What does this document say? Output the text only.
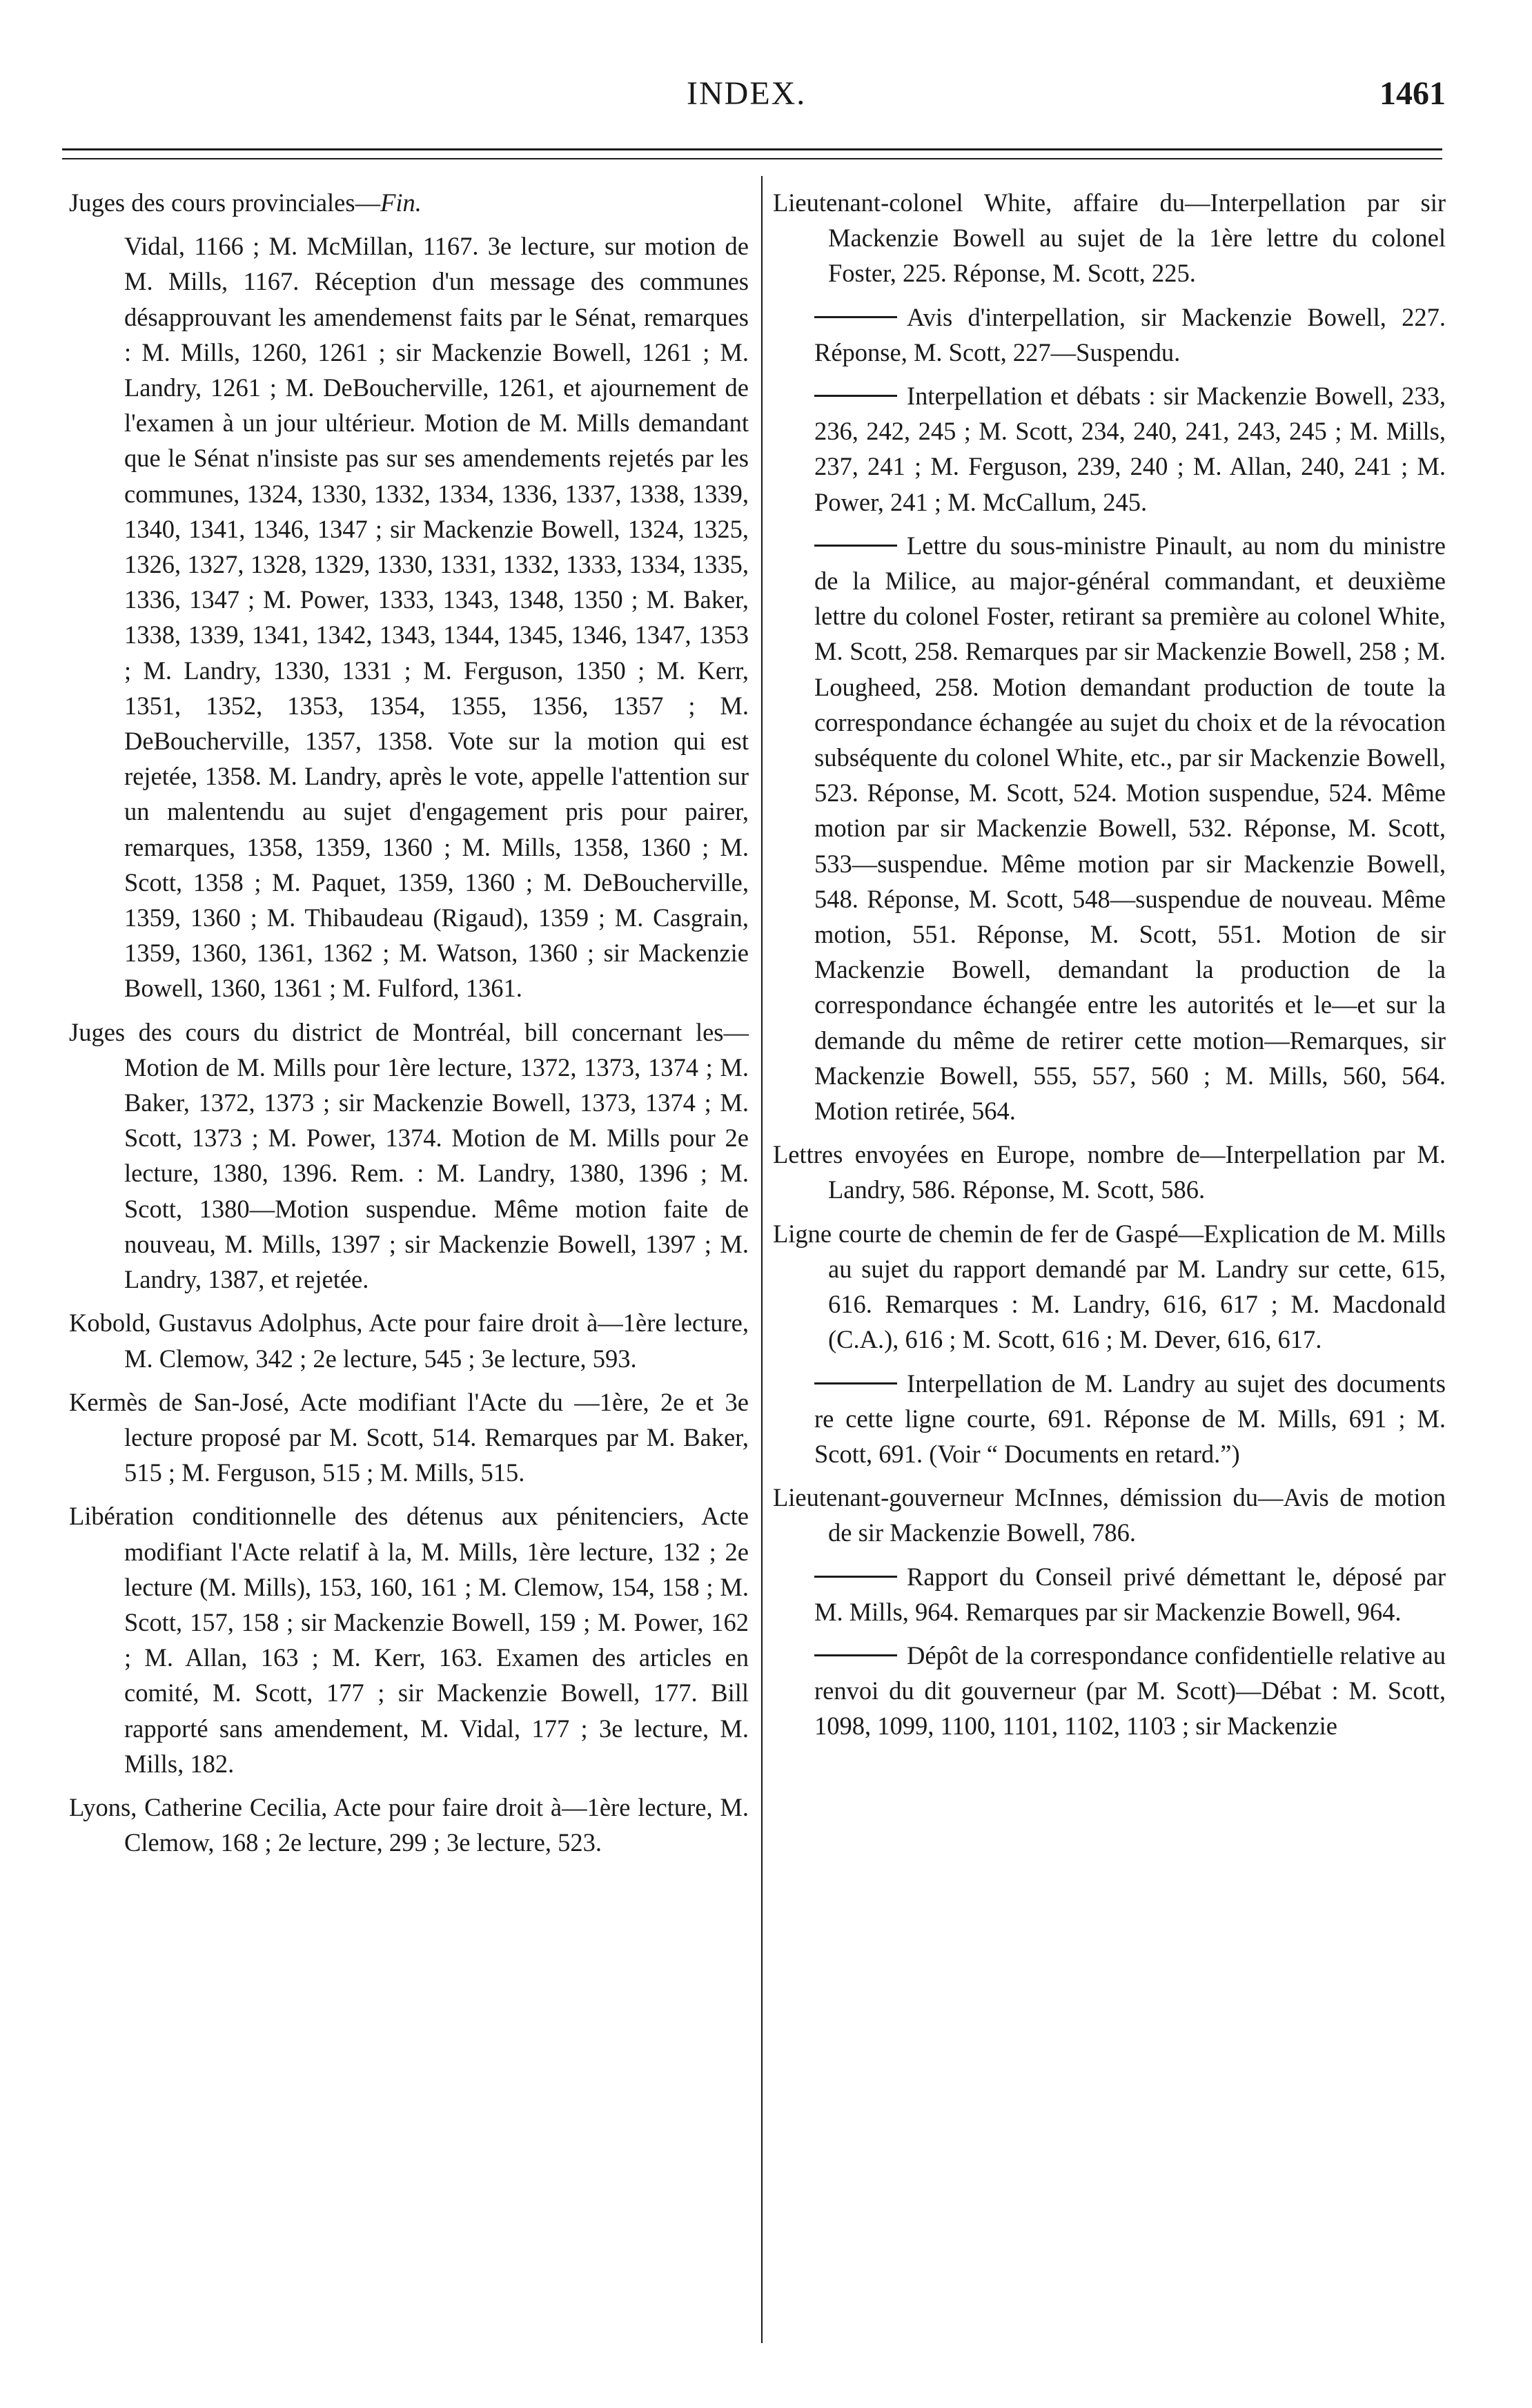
INDEX.	1461

Juges des cours provinciales—Fin.

Vidal, 1166 ; M. McMillan, 1167. 3e lecture, sur motion de M. Mills, 1167. Réception d'un message des communes désapprouvant les amendemenst faits par le Sénat, remarques : M. Mills, 1260, 1261 ; sir Mackenzie Bowell, 1261 ; M. Landry, 1261 ; M. DeBoucherville, 1261, et ajournement de l'examen à un jour ultérieur. Motion de M. Mills demandant que le Sénat n'insiste pas sur ses amendements rejetés par les communes, 1324, 1330, 1332, 1334, 1336, 1337, 1338, 1339, 1340, 1341, 1346, 1347 ; sir Mackenzie Bowell, 1324, 1325, 1326, 1327, 1328, 1329, 1330, 1331, 1332, 1333, 1334, 1335, 1336, 1347 ; M. Power, 1333, 1343, 1348, 1350 ; M. Baker, 1338, 1339, 1341, 1342, 1343, 1344, 1345, 1346, 1347, 1353 ; M. Landry, 1330, 1331 ; M. Ferguson, 1350 ; M. Kerr, 1351, 1352, 1353, 1354, 1355, 1356, 1357 ; M. DeBoucherville, 1357, 1358. Vote sur la motion qui est rejetée, 1358. M. Landry, après le vote, appelle l'attention sur un malentendu au sujet d'engagement pris pour pairer, remarques, 1358, 1359, 1360 ; M. Mills, 1358, 1360 ; M. Scott, 1358 ; M. Paquet, 1359, 1360 ; M. DeBoucherville, 1359, 1360 ; M. Thibaudeau (Rigaud), 1359 ; M. Casgrain, 1359, 1360, 1361, 1362 ; M. Watson, 1360 ; sir Mackenzie Bowell, 1360, 1361 ; M. Fulford, 1361.

Juges des cours du district de Montréal, bill concernant les—Motion de M. Mills pour 1ère lecture, 1372, 1373, 1374 ; M. Baker, 1372, 1373 ; sir Mackenzie Bowell, 1373, 1374 ; M. Scott, 1373 ; M. Power, 1374. Motion de M. Mills pour 2e lecture, 1380, 1396. Rem. : M. Landry, 1380, 1396 ; M. Scott, 1380—Motion suspendue. Même motion faite de nouveau, M. Mills, 1397 ; sir Mackenzie Bowell, 1397 ; M. Landry, 1387, et rejetée.

Kobold, Gustavus Adolphus, Acte pour faire droit à—1ère lecture, M. Clemow, 342 ; 2e lecture, 545 ; 3e lecture, 593.

Kermès de San-José, Acte modifiant l'Acte du —1ère, 2e et 3e lecture proposé par M. Scott, 514. Remarques par M. Baker, 515 ; M. Ferguson, 515 ; M. Mills, 515.

Libération conditionnelle des détenus aux pénitenciers, Acte modifiant l'Acte relatif à la, M. Mills, 1ère lecture, 132 ; 2e lecture (M. Mills), 153, 160, 161 ; M. Clemow, 154, 158 ; M. Scott, 157, 158 ; sir Mackenzie Bowell, 159 ; M. Power, 162 ; M. Allan, 163 ; M. Kerr, 163. Examen des articles en comité, M. Scott, 177 ; sir Mackenzie Bowell, 177. Bill rapporté sans amendement, M. Vidal, 177 ; 3e lecture, M. Mills, 182.

Lyons, Catherine Cecilia, Acte pour faire droit à—1ère lecture, M. Clemow, 168 ; 2e lecture, 299 ; 3e lecture, 523.

Lieutenant-colonel White, affaire du—Interpellation par sir Mackenzie Bowell au sujet de la 1ère lettre du colonel Foster, 225. Réponse, M. Scott, 225.

Avis d'interpellation, sir Mackenzie Bowell, 227. Réponse, M. Scott, 227—Suspendu.

Interpellation et débats : sir Mackenzie Bowell, 233, 236, 242, 245 ; M. Scott, 234, 240, 241, 243, 245 ; M. Mills, 237, 241 ; M. Ferguson, 239, 240 ; M. Allan, 240, 241 ; M. Power, 241 ; M. McCallum, 245.

Lettre du sous-ministre Pinault, au nom du ministre de la Milice, au major-général commandant, et deuxième lettre du colonel Foster, retirant sa première au colonel White, M. Scott, 258. Remarques par sir Mackenzie Bowell, 258 ; M. Lougheed, 258. Motion demandant production de toute la correspondance échangée au sujet du choix et de la révocation subséquente du colonel White, etc., par sir Mackenzie Bowell, 523. Réponse, M. Scott, 524. Motion suspendue, 524. Même motion par sir Mackenzie Bowell, 532. Réponse, M. Scott, 533—suspendue. Même motion par sir Mackenzie Bowell, 548. Réponse, M. Scott, 548—suspendue de nouveau. Même motion, 551. Réponse, M. Scott, 551. Motion de sir Mackenzie Bowell, demandant la production de la correspondance échangée entre les autorités et le—et sur la demande du même de retirer cette motion—Remarques, sir Mackenzie Bowell, 555, 557, 560 ; M. Mills, 560, 564. Motion retirée, 564.

Lettres envoyées en Europe, nombre de—Interpellation par M. Landry, 586. Réponse, M. Scott, 586.

Ligne courte de chemin de fer de Gaspé—Explication de M. Mills au sujet du rapport demandé par M. Landry sur cette, 615, 616. Remarques : M. Landry, 616, 617 ; M. Macdonald (C.A.), 616 ; M. Scott, 616 ; M. Dever, 616, 617.

Interpellation de M. Landry au sujet des documents re cette ligne courte, 691. Réponse de M. Mills, 691 ; M. Scott, 691. (Voir “ Documents en retard.”)

Lieutenant-gouverneur McInnes, démission du—Avis de motion de sir Mackenzie Bowell, 786.

Rapport du Conseil privé démettant le, déposé par M. Mills, 964. Remarques par sir Mackenzie Bowell, 964.

Dépôt de la correspondance confidentielle relative au renvoi du dit gouverneur (par M. Scott)—Débat : M. Scott, 1098, 1099, 1100, 1101, 1102, 1103 ; sir Mackenzie
